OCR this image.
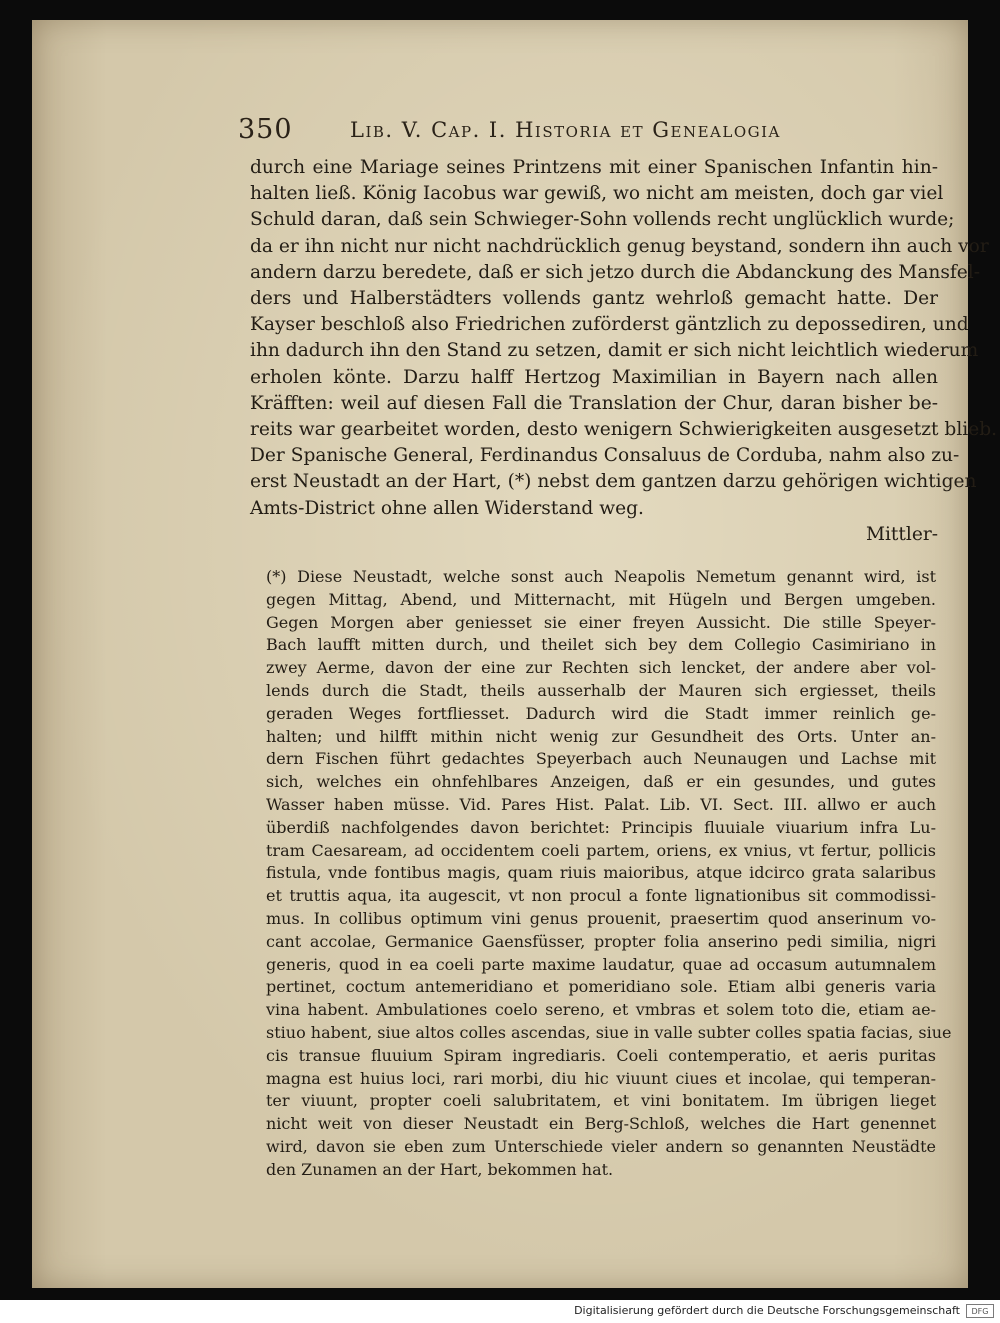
350	Lib. V. Cap. I. Historia et Genealogia
durch eine Mariage seines Printzens mit einer Spanischen Infantin hin-
halten ließ. König Iacobus war gewiß, wo nicht am meisten, doch gar viel
Schuld daran, daß sein Schwieger-Sohn vollends recht unglücklich wurde;
da er ihn nicht nur nicht nachdrücklich genug beystand, sondern ihn auch vor
andern darzu beredete, daß er sich jetzo durch die Abdanckung des Mansfel-
ders und Halberstädters vollends gantz wehrloß gemacht hatte. Der
Kayser beschloß also Friedrichen zuförderst gäntzlich zu depossediren, und
ihn dadurch ihn den Stand zu setzen, damit er sich nicht leichtlich wiederum
erholen könte. Darzu halff Hertzog Maximilian in Bayern nach allen
Kräfften: weil auf diesen Fall die Translation der Chur, daran bisher be-
reits war gearbeitet worden, desto wenigern Schwierigkeiten ausgesetzt blieb.
Der Spanische General, Ferdinandus Consaluus de Corduba, nahm also zu-
erst Neustadt an der Hart, (*) nebst dem gantzen darzu gehörigen wichtigen
Amts-District ohne allen Widerstand weg.
Mittler-
(*) Diese Neustadt, welche sonst auch Neapolis Nemetum genannt wird, ist
gegen Mittag, Abend, und Mitternacht, mit Hügeln und Bergen umgeben.
Gegen Morgen aber geniesset sie einer freyen Aussicht. Die stille Speyer-
Bach laufft mitten durch, und theilet sich bey dem Collegio Casimiriano in
zwey Aerme, davon der eine zur Rechten sich lencket, der andere aber vol-
lends durch die Stadt, theils ausserhalb der Mauren sich ergiesset, theils
geraden Weges fortfliesset. Dadurch wird die Stadt immer reinlich ge-
halten; und hilfft mithin nicht wenig zur Gesundheit des Orts. Unter an-
dern Fischen führt gedachtes Speyerbach auch Neunaugen und Lachse mit
sich, welches ein ohnfehlbares Anzeigen, daß er ein gesundes, und gutes
Wasser haben müsse. Vid. Pares Hist. Palat. Lib. VI. Sect. III. allwo er auch
überdiß nachfolgendes davon berichtet: Principis fluuiale viuarium infra Lu-
tram Caesaream, ad occidentem coeli partem, oriens, ex vnius, vt fertur, pollicis
fistula, vnde fontibus magis, quam riuis maioribus, atque idcirco grata salaribus
et truttis aqua, ita augescit, vt non procul a fonte lignationibus sit commodissi-
mus. In collibus optimum vini genus prouenit, praesertim quod anserinum vo-
cant accolae, Germanice Gaensfüsser, propter folia anserino pedi similia, nigri
generis, quod in ea coeli parte maxime laudatur, quae ad occasum autumnalem
pertinet, coctum antemeridiano et pomeridiano sole. Etiam albi generis varia
vina habent. Ambulationes coelo sereno, et vmbras et solem toto die, etiam ae-
stiuo habent, siue altos colles ascendas, siue in valle subter colles spatia facias, siue
cis transue fluuium Spiram ingrediaris. Coeli contemperatio, et aeris puritas
magna est huius loci, rari morbi, diu hic viuunt ciues et incolae, qui temperan-
ter viuunt, propter coeli salubritatem, et vini bonitatem. Im übrigen lieget
nicht weit von dieser Neustadt ein Berg-Schloß, welches die Hart genennet
wird, davon sie eben zum Unterschiede vieler andern so genannten Neustädte
den Zunamen an der Hart, bekommen hat.
Digitalisierung gefördert durch die Deutsche Forschungsgemeinschaft	DFG
